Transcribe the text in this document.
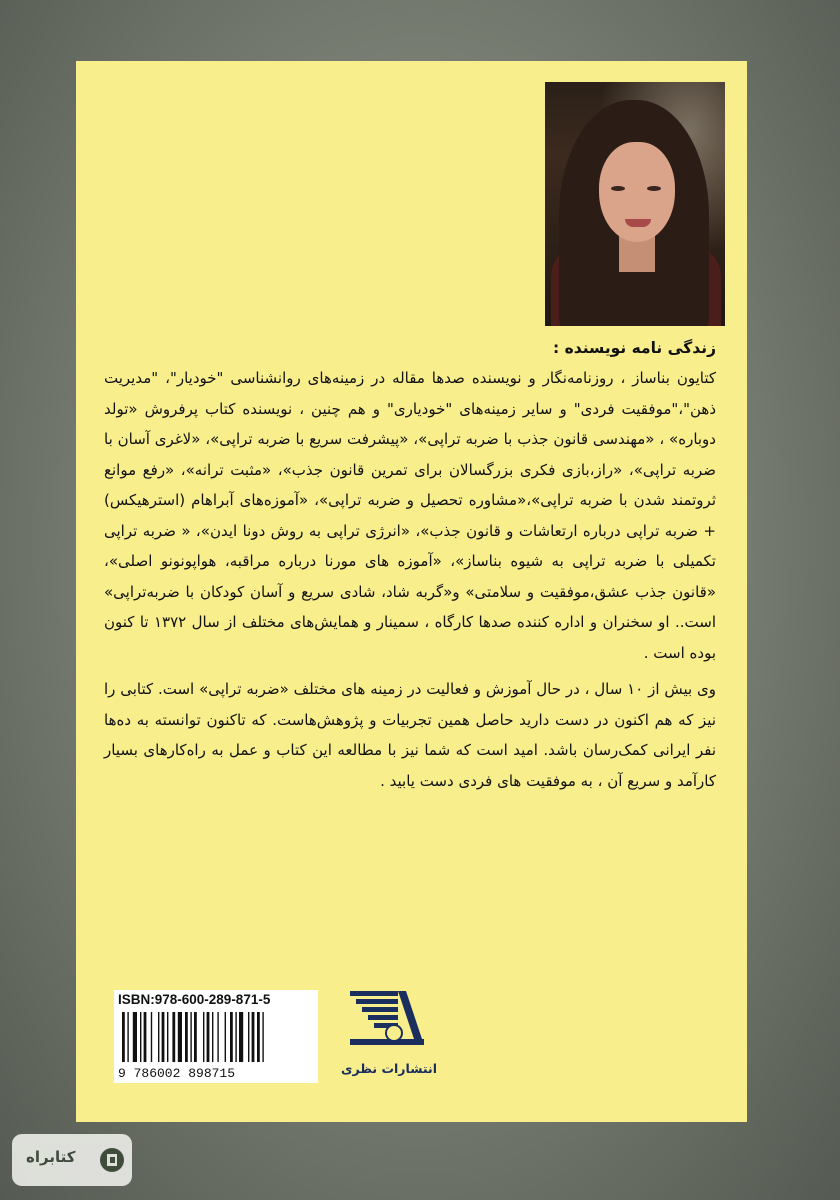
زندگی نامه نویسنده :

کتایون بناساز ، روزنامه‌نگار و نویسنده صدها مقاله در زمینه‌های روانشناسی "خودیار"، "مدیریت ذهن"،"موفقیت فردی" و سایر زمینه‌های "خودیاری" و هم چنین ، نویسنده کتاب پرفروش «تولد دوباره» ، «مهندسی قانون جذب با ضربه تراپی»، «پیشرفت سریع با ضربه تراپی»، «لاغری آسان با ضربه تراپی»، «راز،بازی فکری بزرگسالان برای تمرین قانون جذب»، «مثبت ترانه»، «رفع موانع ثروتمند شدن با ضربه تراپی»،«مشاوره تحصیل و ضربه تراپی»، «آموزه‌های آبراهام (استرهیکس) + ضربه تراپی درباره ارتعاشات و قانون جذب»، «انرژی تراپی به روش دونا ایدن»، « ضربه تراپی تکمیلی با ضربه تراپی به شیوه بناساز»، «آموزه های مورنا درباره مراقبه، هواپونونو اصلی»، «قانون جذب عشق،موفقیت و سلامتی» و«گربه شاد، شادی سریع و آسان کودکان با ضربه‌تراپی» است.. او سخنران و اداره کننده صدها کارگاه ، سمینار و همایش‌های مختلف از سال ۱۳۷۲ تا کنون بوده است .

وی بیش از ۱۰ سال ، در حال آموزش و فعالیت در زمینه های مختلف «ضربه تراپی» است. کتابی را نیز که هم اکنون در دست دارید حاصل همین تجربیات و پژوهش‌هاست. که تاکنون توانسته به ده‌ها نفر ایرانی کمک‌رسان باشد. امید است که شما نیز با مطالعه این کتاب و عمل به راه‌کارهای بسیار کارآمد و سریع آن ، به موفقیت های فردی دست یابید .

ISBN:978-600-289-871-5
9 786002 898715	انتشارات نظری
کتابراه
